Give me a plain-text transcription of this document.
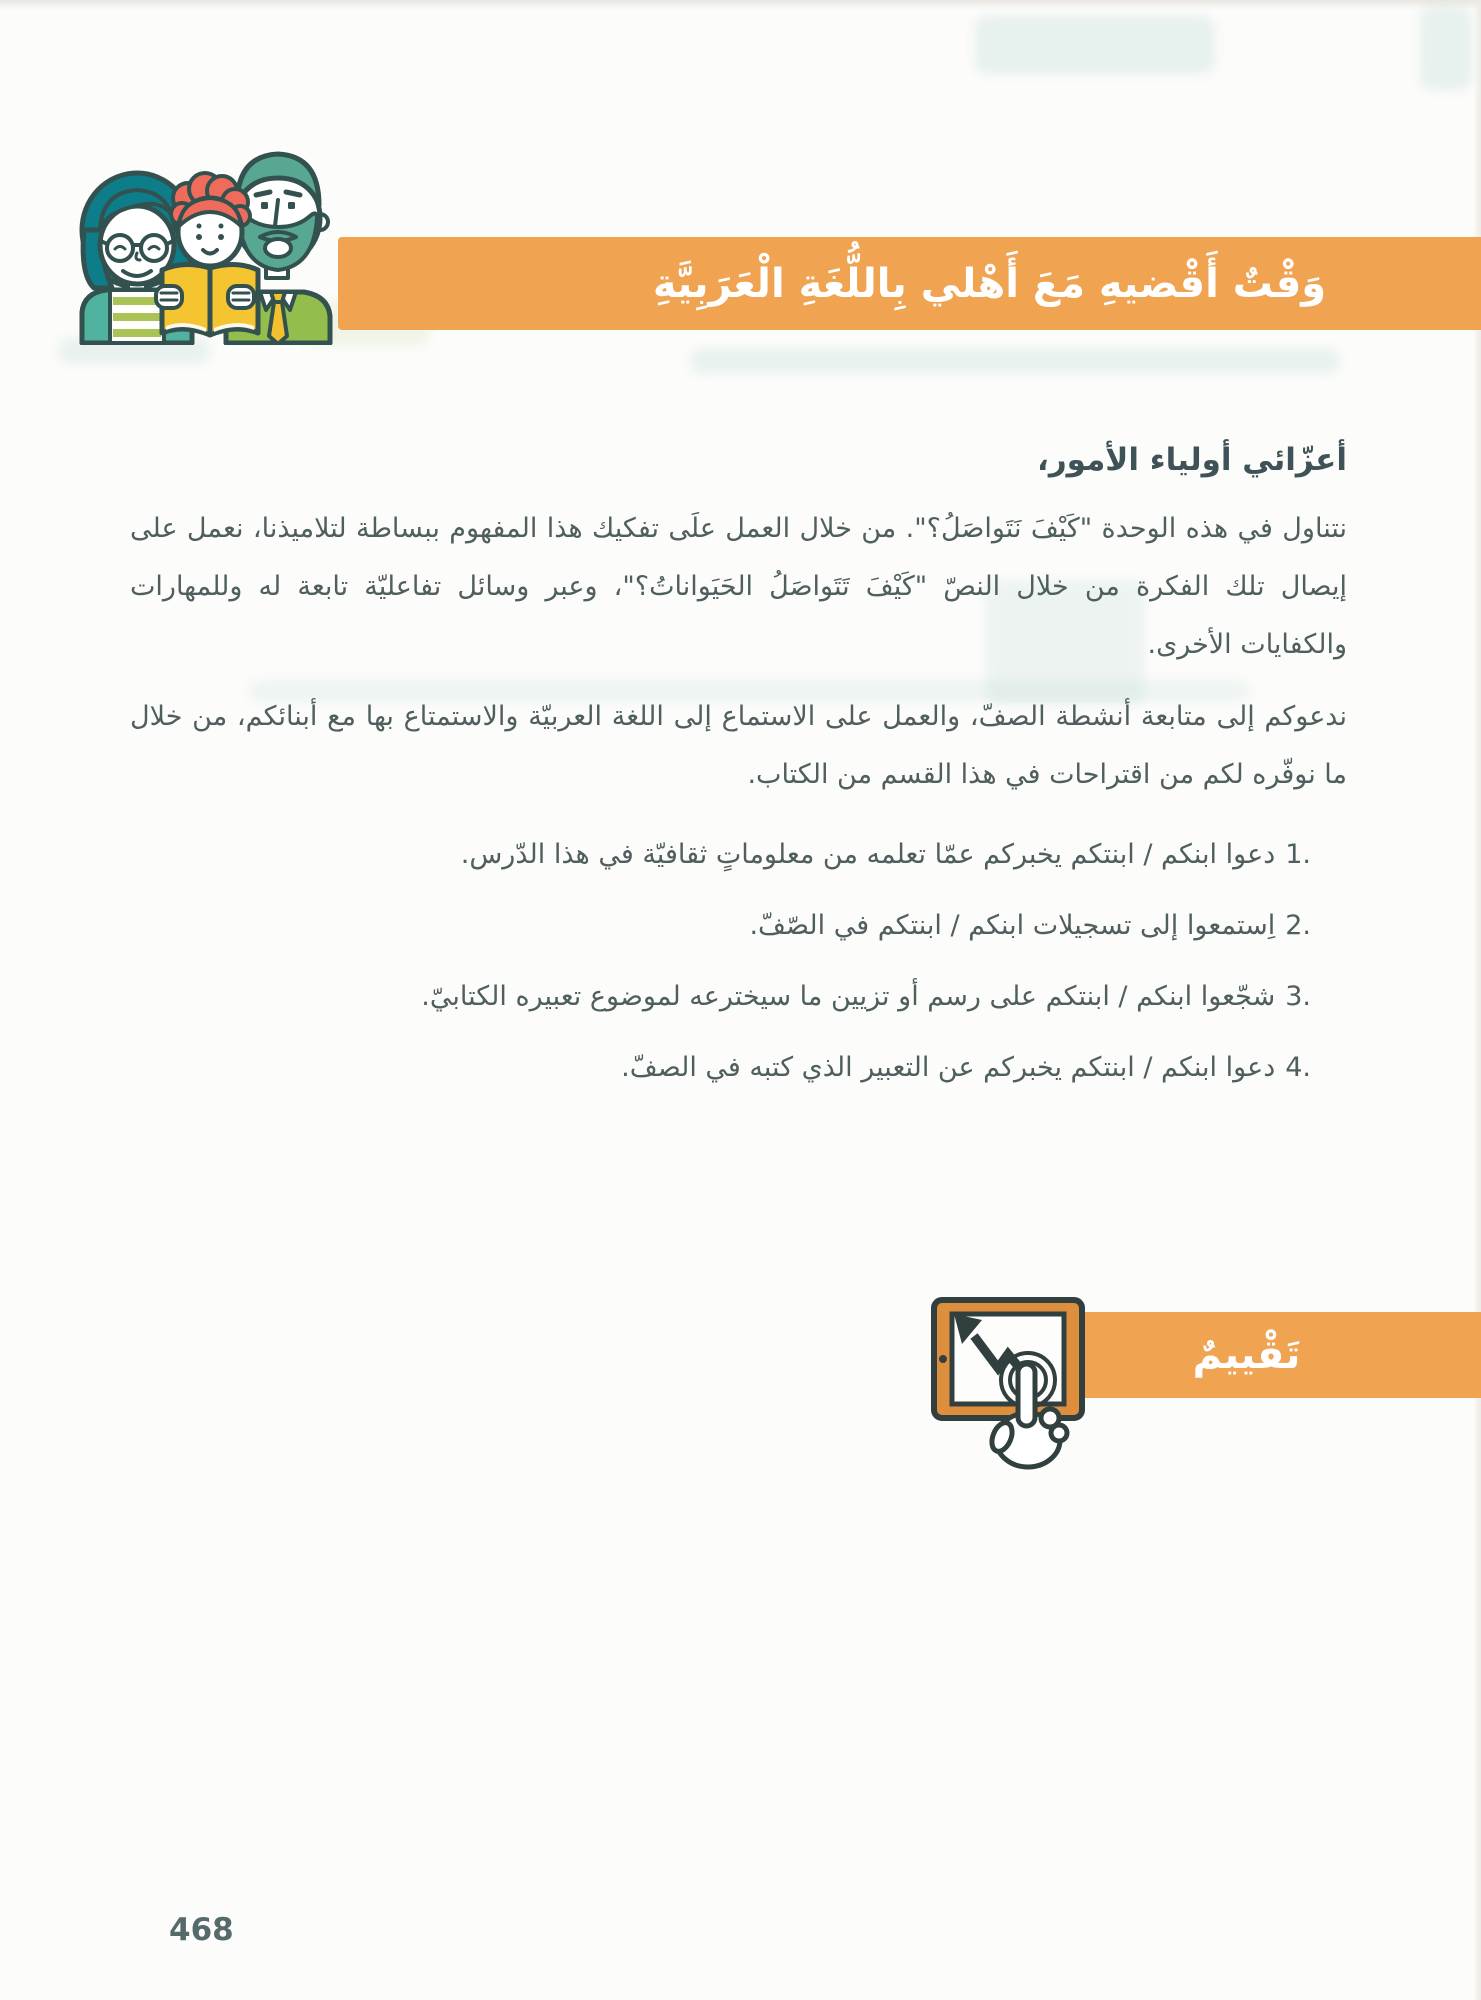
وَقْتٌ أَقْضيهِ مَعَ أَهْلي بِاللُّغَةِ الْعَرَبِيَّةِ
أعزّائي أولياء الأمور،

نتناول في هذه الوحدة "كَيْفَ نَتَواصَلُ؟". من خلال العمل علَى تفكيك هذا المفهوم ببساطة لتلاميذنا، نعمل على إيصال تلك الفكرة من خلال النصّ "كَيْفَ تَتَواصَلُ الحَيَواناتُ؟"، وعبر وسائل تفاعليّة تابعة له وللمهارات والكفايات الأخرى.

ندعوكم إلى متابعة أنشطة الصفّ، والعمل على الاستماع إلى اللغة العربيّة والاستمتاع بها مع أبنائكم، من خلال ما نوفّره لكم من اقتراحات في هذا القسم من الكتاب.

1.
دعوا ابنكم / ابنتكم يخبركم عمّا تعلمه من معلوماتٍ ثقافيّة في هذا الدّرس.
2.
اِستمعوا إلى تسجيلات ابنكم / ابنتكم في الصّفّ.
3.
شجّعوا ابنكم / ابنتكم على رسم أو تزيين ما سيخترعه لموضوع تعبيره الكتابيّ.
4.
دعوا ابنكم / ابنتكم يخبركم عن التعبير الذي كتبه في الصفّ.
تَقْييمٌ
468
